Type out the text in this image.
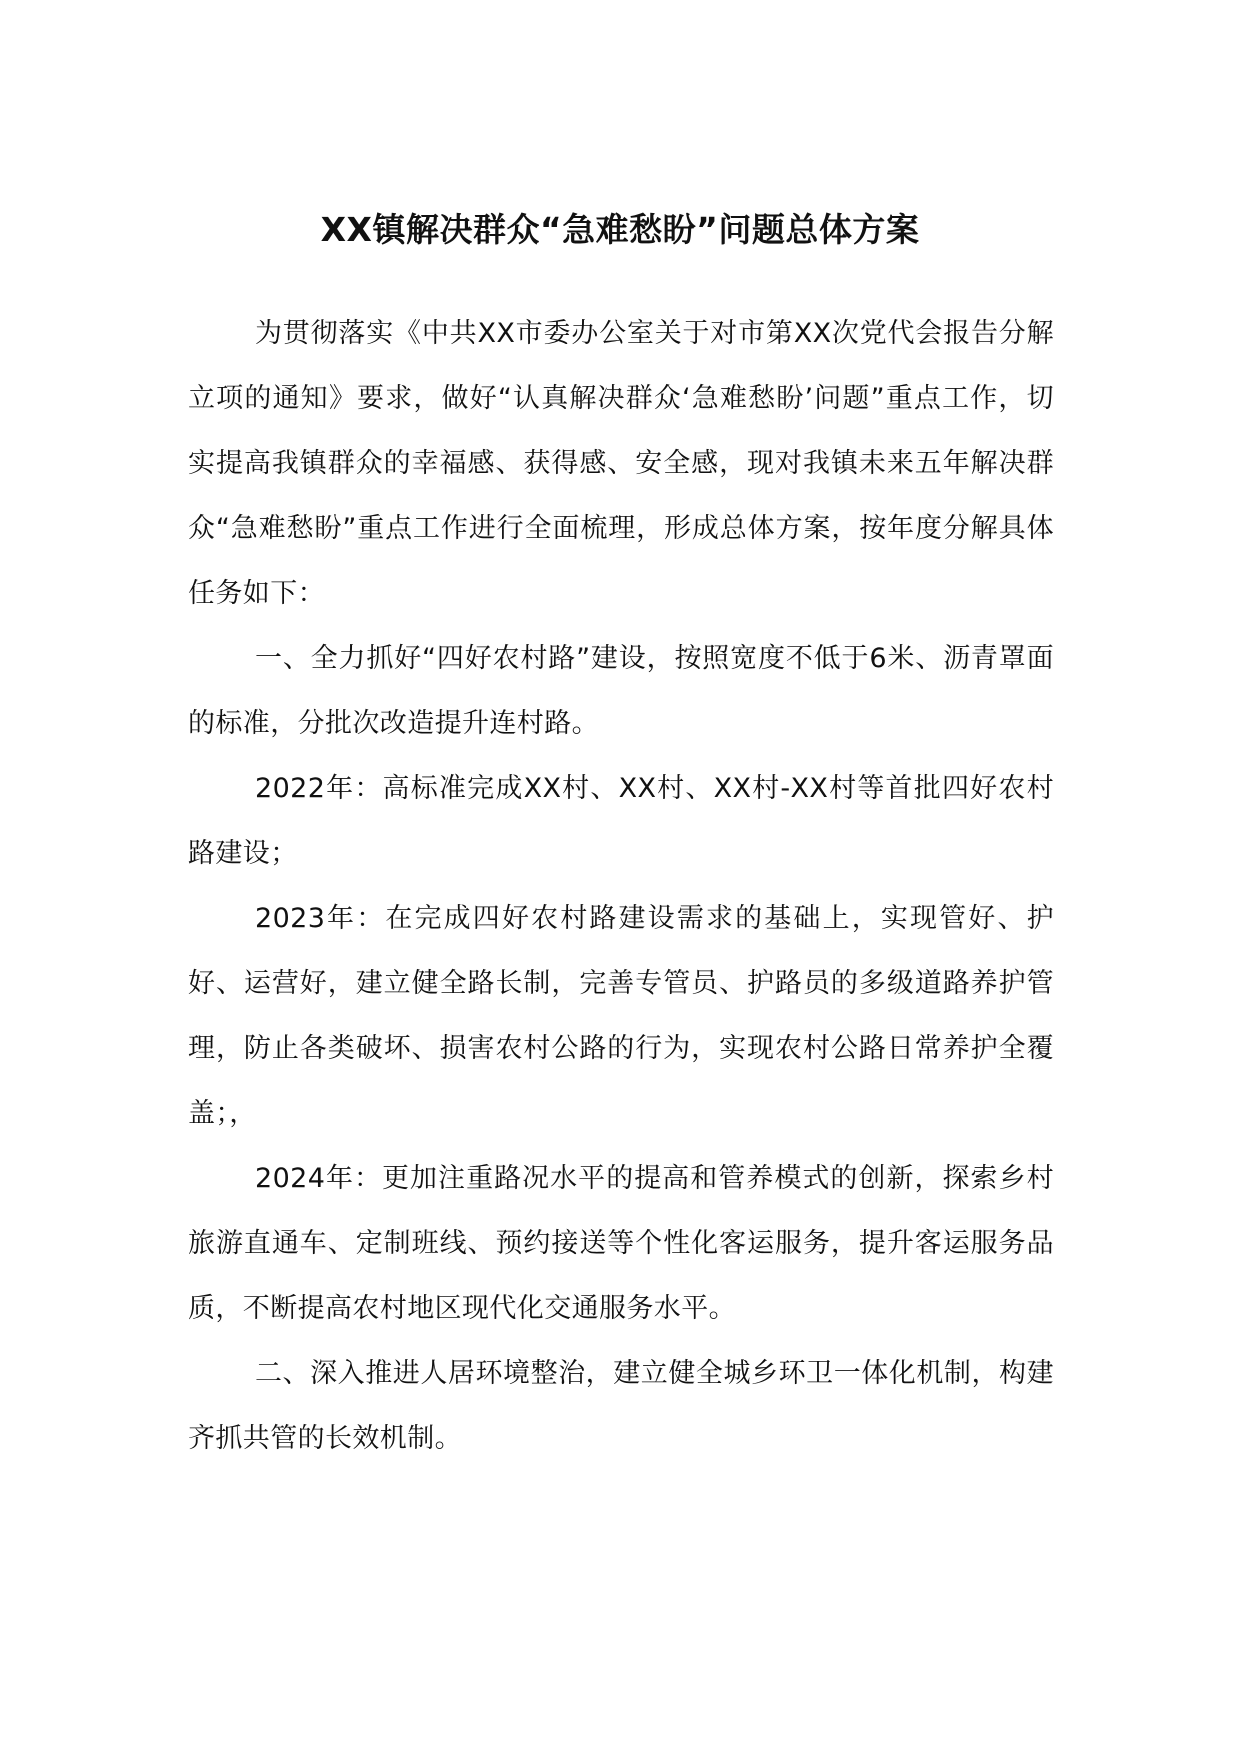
XX镇解决群众“急难愁盼”问题总体方案

为贯彻落实《中共XX市委办公室关于对市第XX次党代会报告分解立项的通知》要求，做好“认真解决群众‘急难愁盼’问题”重点工作，切实提高我镇群众的幸福感、获得感、安全感，现对我镇未来五年解决群众“急难愁盼”重点工作进行全面梳理，形成总体方案，按年度分解具体任务如下：

一、全力抓好“四好农村路”建设，按照宽度不低于6米、沥青罩面的标准，分批次改造提升连村路。

2022年：高标准完成XX村、XX村、XX村-XX村等首批四好农村路建设；

2023年：在完成四好农村路建设需求的基础上，实现管好、护好、运营好，建立健全路长制，完善专管员、护路员的多级道路养护管理，防止各类破坏、损害农村公路的行为，实现农村公路日常养护全覆盖；，

2024年：更加注重路况水平的提高和管养模式的创新，探索乡村旅游直通车、定制班线、预约接送等个性化客运服务，提升客运服务品质，不断提高农村地区现代化交通服务水平。

二、深入推进人居环境整治，建立健全城乡环卫一体化机制，构建齐抓共管的长效机制。
